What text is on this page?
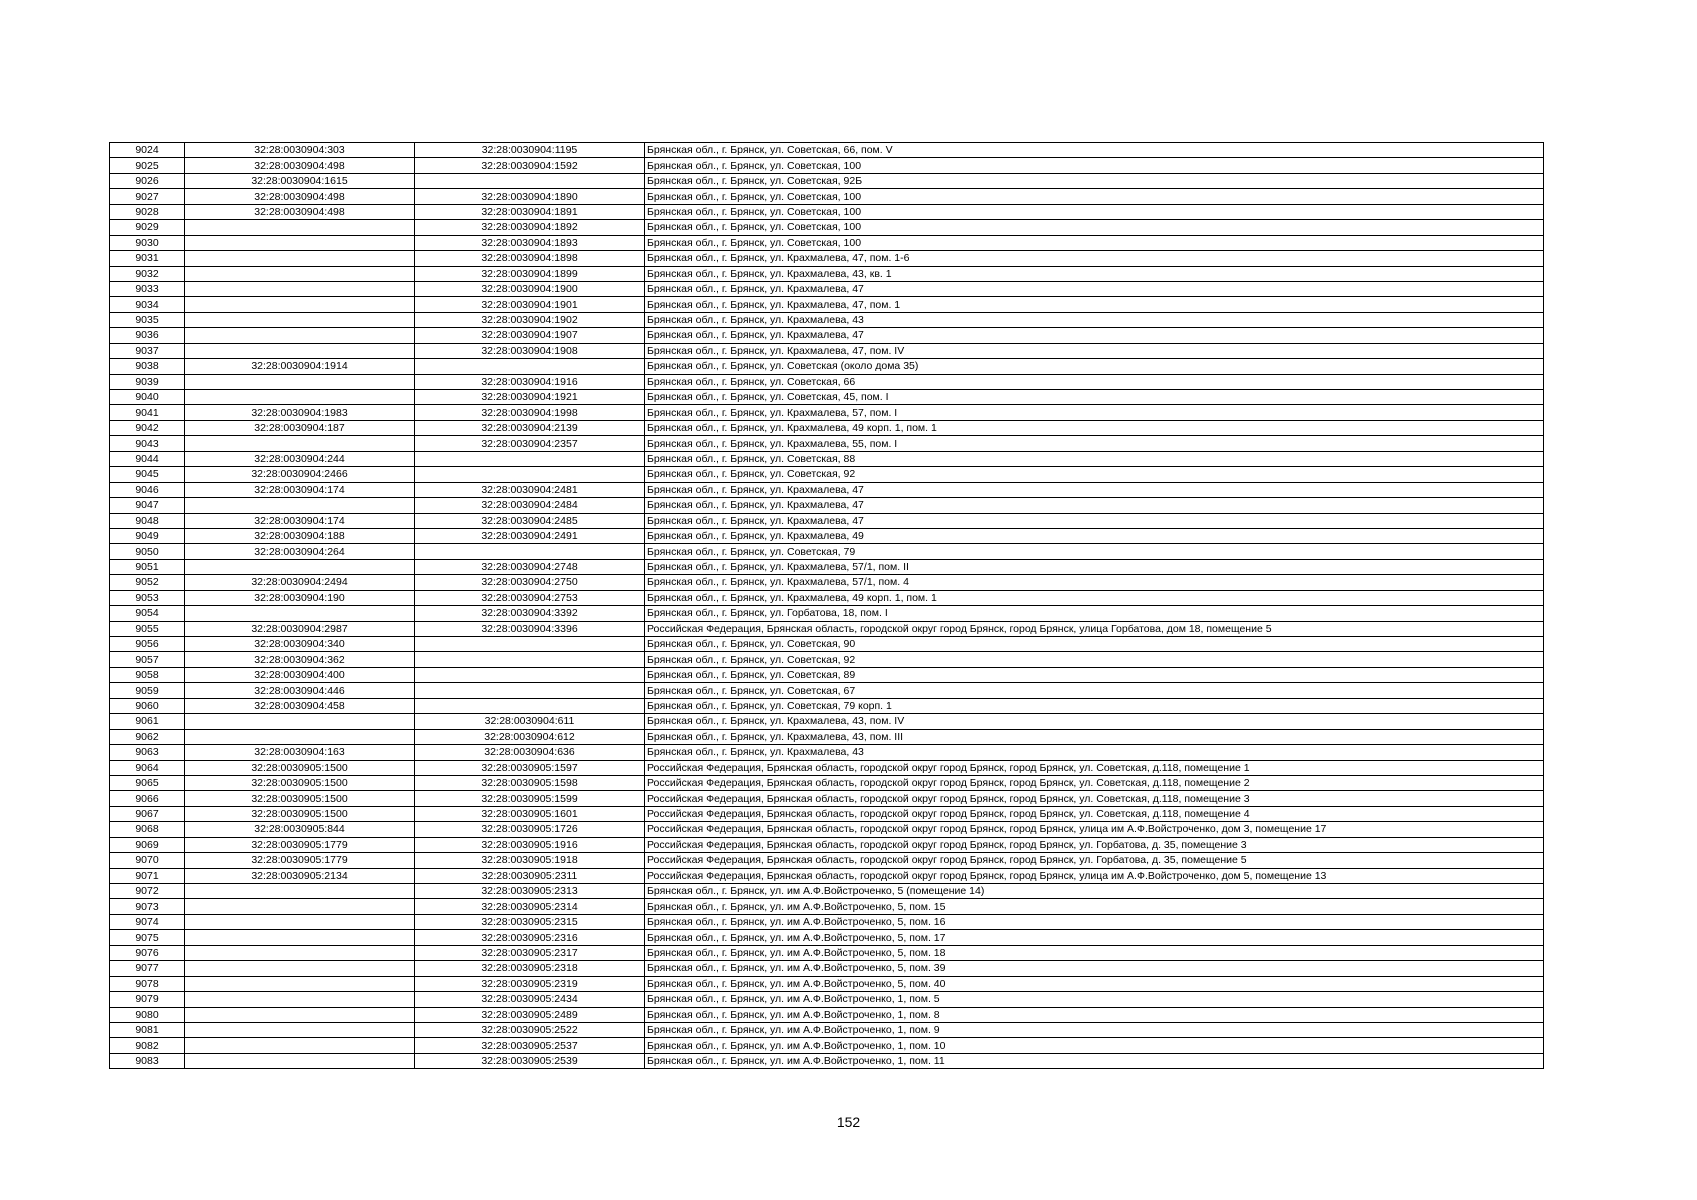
9024	32:28:0030904:303	32:28:0030904:1195	Брянская обл., г. Брянск, ул. Советская, 66, пом. V
9025	32:28:0030904:498	32:28:0030904:1592	Брянская обл., г. Брянск, ул. Советская, 100
9026	32:28:0030904:1615		Брянская обл., г. Брянск, ул. Советская, 92Б
9027	32:28:0030904:498	32:28:0030904:1890	Брянская обл., г. Брянск, ул. Советская, 100
9028	32:28:0030904:498	32:28:0030904:1891	Брянская обл., г. Брянск, ул. Советская, 100
9029		32:28:0030904:1892	Брянская обл., г. Брянск, ул. Советская, 100
9030		32:28:0030904:1893	Брянская обл., г. Брянск, ул. Советская, 100
9031		32:28:0030904:1898	Брянская обл., г. Брянск, ул. Крахмалева, 47, пом. 1-6
9032		32:28:0030904:1899	Брянская обл., г. Брянск, ул. Крахмалева, 43, кв. 1
9033		32:28:0030904:1900	Брянская обл., г. Брянск, ул. Крахмалева, 47
9034		32:28:0030904:1901	Брянская обл., г. Брянск, ул. Крахмалева, 47, пом. 1
9035		32:28:0030904:1902	Брянская обл., г. Брянск, ул. Крахмалева, 43
9036		32:28:0030904:1907	Брянская обл., г. Брянск, ул. Крахмалева, 47
9037		32:28:0030904:1908	Брянская обл., г. Брянск, ул. Крахмалева, 47, пом. IV
9038	32:28:0030904:1914		Брянская обл., г. Брянск, ул. Советская (около дома 35)
9039		32:28:0030904:1916	Брянская обл., г. Брянск, ул. Советская, 66
9040		32:28:0030904:1921	Брянская обл., г. Брянск, ул. Советская, 45, пом. I
9041	32:28:0030904:1983	32:28:0030904:1998	Брянская обл., г. Брянск, ул. Крахмалева, 57, пом. I
9042	32:28:0030904:187	32:28:0030904:2139	Брянская обл., г. Брянск, ул. Крахмалева, 49 корп. 1, пом. 1
9043		32:28:0030904:2357	Брянская обл., г. Брянск, ул. Крахмалева, 55, пом. I
9044	32:28:0030904:244		Брянская обл., г. Брянск, ул. Советская, 88
9045	32:28:0030904:2466		Брянская обл., г. Брянск, ул. Советская, 92
9046	32:28:0030904:174	32:28:0030904:2481	Брянская обл., г. Брянск, ул. Крахмалева, 47
9047		32:28:0030904:2484	Брянская обл., г. Брянск, ул. Крахмалева, 47
9048	32:28:0030904:174	32:28:0030904:2485	Брянская обл., г. Брянск, ул. Крахмалева, 47
9049	32:28:0030904:188	32:28:0030904:2491	Брянская обл., г. Брянск, ул. Крахмалева, 49
9050	32:28:0030904:264		Брянская обл., г. Брянск, ул. Советская, 79
9051		32:28:0030904:2748	Брянская обл., г. Брянск, ул. Крахмалева, 57/1, пом. II
9052	32:28:0030904:2494	32:28:0030904:2750	Брянская обл., г. Брянск, ул. Крахмалева, 57/1, пом. 4
9053	32:28:0030904:190	32:28:0030904:2753	Брянская обл., г. Брянск, ул. Крахмалева, 49 корп. 1, пом. 1
9054		32:28:0030904:3392	Брянская обл., г. Брянск, ул. Горбатова, 18, пом. I
9055	32:28:0030904:2987	32:28:0030904:3396	Российская Федерация, Брянская область, городской округ город Брянск, город Брянск, улица Горбатова, дом 18, помещение 5
9056	32:28:0030904:340		Брянская обл., г. Брянск, ул. Советская, 90
9057	32:28:0030904:362		Брянская обл., г. Брянск, ул. Советская, 92
9058	32:28:0030904:400		Брянская обл., г. Брянск, ул. Советская, 89
9059	32:28:0030904:446		Брянская обл., г. Брянск, ул. Советская, 67
9060	32:28:0030904:458		Брянская обл., г. Брянск, ул. Советская, 79 корп. 1
9061		32:28:0030904:611	Брянская обл., г. Брянск, ул. Крахмалева, 43, пом. IV
9062		32:28:0030904:612	Брянская обл., г. Брянск, ул. Крахмалева, 43, пом. III
9063	32:28:0030904:163	32:28:0030904:636	Брянская обл., г. Брянск, ул. Крахмалева, 43
9064	32:28:0030905:1500	32:28:0030905:1597	Российская Федерация, Брянская область, городской округ город Брянск, город Брянск, ул. Советская, д.118, помещение 1
9065	32:28:0030905:1500	32:28:0030905:1598	Российская Федерация, Брянская область, городской округ город Брянск, город Брянск, ул. Советская, д.118, помещение 2
9066	32:28:0030905:1500	32:28:0030905:1599	Российская Федерация, Брянская область, городской округ город Брянск, город Брянск, ул. Советская, д.118, помещение 3
9067	32:28:0030905:1500	32:28:0030905:1601	Российская Федерация, Брянская область, городской округ город Брянск, город Брянск, ул. Советская, д.118, помещение 4
9068	32:28:0030905:844	32:28:0030905:1726	Российская Федерация, Брянская область, городской округ город Брянск, город Брянск, улица им А.Ф.Войстроченко, дом 3, помещение 17
9069	32:28:0030905:1779	32:28:0030905:1916	Российская Федерация, Брянская область, городской округ город Брянск, город Брянск, ул. Горбатова, д. 35, помещение 3
9070	32:28:0030905:1779	32:28:0030905:1918	Российская Федерация, Брянская область, городской округ город Брянск, город Брянск, ул. Горбатова, д. 35, помещение 5
9071	32:28:0030905:2134	32:28:0030905:2311	Российская Федерация, Брянская область, городской округ город Брянск, город Брянск, улица им А.Ф.Войстроченко, дом 5, помещение 13
9072		32:28:0030905:2313	Брянская обл., г. Брянск, ул. им А.Ф.Войстроченко, 5 (помещение 14)
9073		32:28:0030905:2314	Брянская обл., г. Брянск, ул. им А.Ф.Войстроченко, 5, пом. 15
9074		32:28:0030905:2315	Брянская обл., г. Брянск, ул. им А.Ф.Войстроченко, 5, пом. 16
9075		32:28:0030905:2316	Брянская обл., г. Брянск, ул. им А.Ф.Войстроченко, 5, пом. 17
9076		32:28:0030905:2317	Брянская обл., г. Брянск, ул. им А.Ф.Войстроченко, 5, пом. 18
9077		32:28:0030905:2318	Брянская обл., г. Брянск, ул. им А.Ф.Войстроченко, 5, пом. 39
9078		32:28:0030905:2319	Брянская обл., г. Брянск, ул. им А.Ф.Войстроченко, 5, пом. 40
9079		32:28:0030905:2434	Брянская обл., г. Брянск, ул. им А.Ф.Войстроченко, 1, пом. 5
9080		32:28:0030905:2489	Брянская обл., г. Брянск, ул. им А.Ф.Войстроченко, 1, пом. 8
9081		32:28:0030905:2522	Брянская обл., г. Брянск, ул. им А.Ф.Войстроченко, 1, пом. 9
9082		32:28:0030905:2537	Брянская обл., г. Брянск, ул. им А.Ф.Войстроченко, 1, пом. 10
9083		32:28:0030905:2539	Брянская обл., г. Брянск, ул. им А.Ф.Войстроченко, 1, пом. 11
152
